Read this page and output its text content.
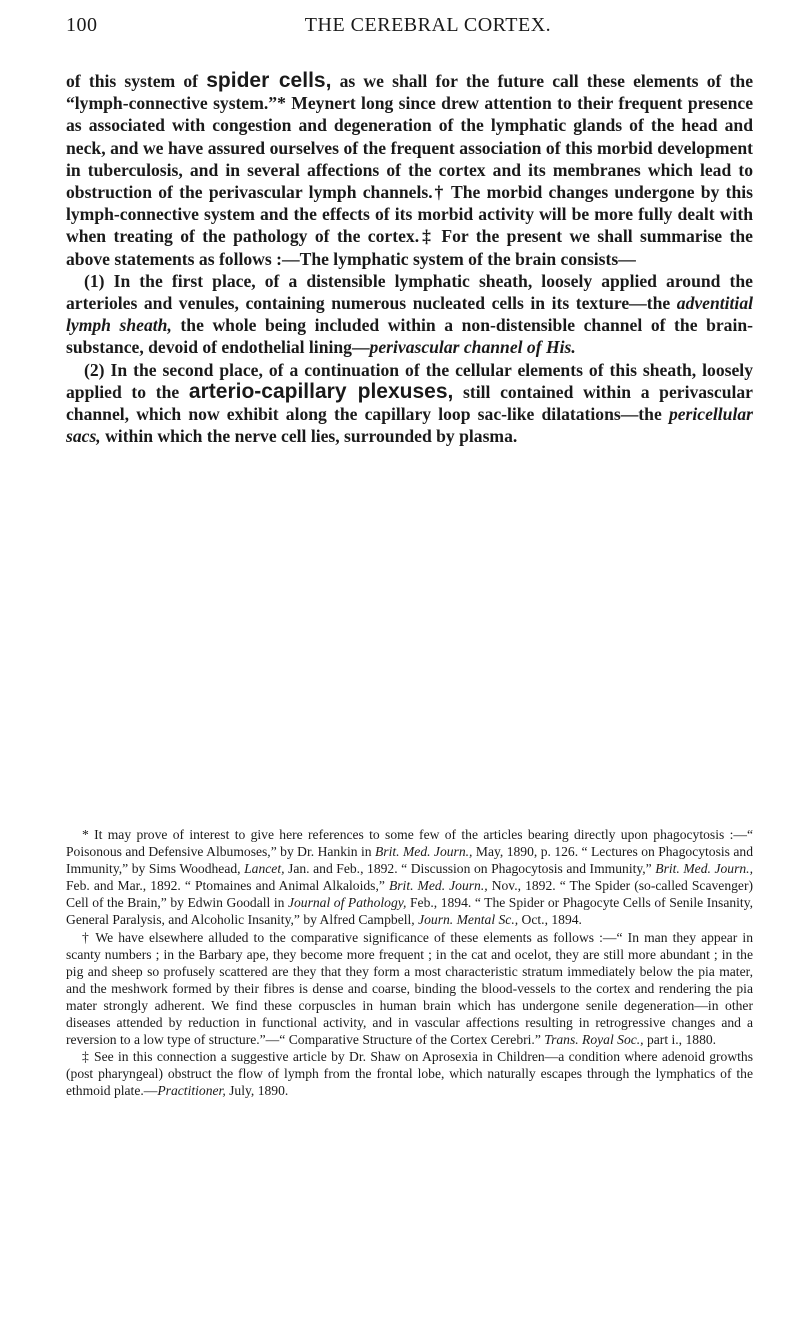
100	THE CEREBRAL CORTEX.

of this system of spider cells, as we shall for the future call these elements of the “lymph-connective system.”* Meynert long since drew attention to their frequent presence as associated with congestion and degeneration of the lymphatic glands of the head and neck, and we have assured ourselves of the frequent association of this morbid development in tuberculosis, and in several affections of the cortex and its membranes which lead to obstruction of the perivascular lymph channels.† The morbid changes undergone by this lymph-connective system and the effects of its morbid activity will be more fully dealt with when treating of the pathology of the cortex.‡ For the present we shall summarise the above statements as follows :—The lymphatic system of the brain consists—

(1) In the first place, of a distensible lymphatic sheath, loosely applied around the arterioles and venules, containing numerous nucleated cells in its texture—the adventitial lymph sheath, the whole being included within a non-distensible channel of the brain-substance, devoid of endothelial lining—perivascular channel of His.

(2) In the second place, of a continuation of the cellular elements of this sheath, loosely applied to the arterio-capillary plexuses, still contained within a perivascular channel, which now exhibit along the capillary loop sac-like dilatations—the pericellular sacs, within which the nerve cell lies, surrounded by plasma.

* It may prove of interest to give here references to some few of the articles bearing directly upon phagocytosis :—“ Poisonous and Defensive Albumoses,” by Dr. Hankin in Brit. Med. Journ., May, 1890, p. 126. “ Lectures on Phagocytosis and Immunity,” by Sims Woodhead, Lancet, Jan. and Feb., 1892. “ Discussion on Phagocytosis and Immunity,” Brit. Med. Journ., Feb. and Mar., 1892. “ Ptomaines and Animal Alkaloids,” Brit. Med. Journ., Nov., 1892. “ The Spider (so-called Scavenger) Cell of the Brain,” by Edwin Goodall in Journal of Pathology, Feb., 1894. “ The Spider or Phagocyte Cells of Senile Insanity, General Paralysis, and Alcoholic Insanity,” by Alfred Campbell, Journ. Mental Sc., Oct., 1894.

† We have elsewhere alluded to the comparative significance of these elements as follows :—“ In man they appear in scanty numbers ; in the Barbary ape, they become more frequent ; in the cat and ocelot, they are still more abundant ; in the pig and sheep so profusely scattered are they that they form a most characteristic stratum immediately below the pia mater, and the meshwork formed by their fibres is dense and coarse, binding the blood-vessels to the cortex and rendering the pia mater strongly adherent. We find these corpuscles in human brain which has undergone senile degeneration—in other diseases attended by reduction in functional activity, and in vascular affections resulting in retrogressive changes and a reversion to a low type of structure.”—“ Comparative Structure of the Cortex Cerebri.” Trans. Royal Soc., part i., 1880.

‡ See in this connection a suggestive article by Dr. Shaw on Aprosexia in Children—a condition where adenoid growths (post pharyngeal) obstruct the flow of lymph from the frontal lobe, which naturally escapes through the lymphatics of the ethmoid plate.—Practitioner, July, 1890.
